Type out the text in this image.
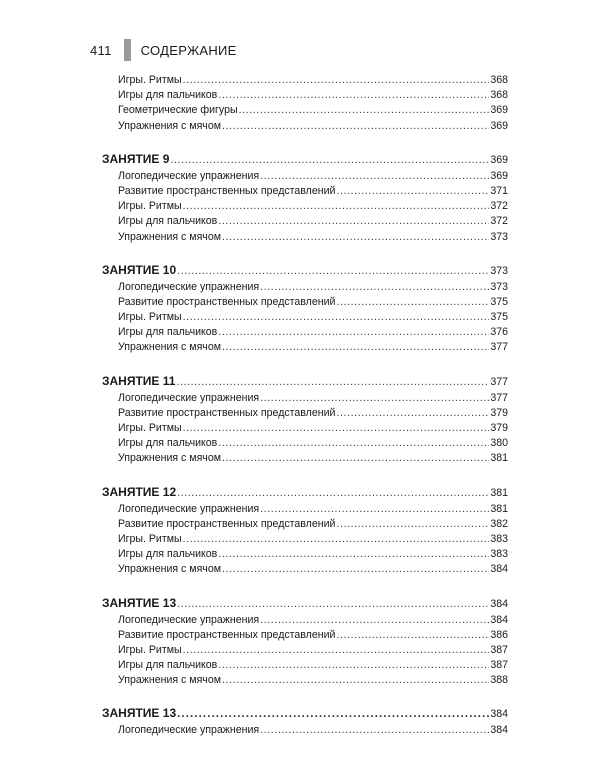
411 СОДЕРЖАНИЕ
Игры. Ритмы .....	368
Игры для пальчиков .....	368
Геометрические фигуры .....	369
Упражнения с мячом .....	369
ЗАНЯТИЕ 9 .....	369
Логопедические упражнения .....	369
Развитие пространственных представлений .....	371
Игры. Ритмы .....	372
Игры для пальчиков .....	372
Упражнения с мячом .....	373
ЗАНЯТИЕ 10 .....	373
Логопедические упражнения .....	373
Развитие пространственных представлений .....	375
Игры. Ритмы .....	375
Игры для пальчиков .....	376
Упражнения с мячом .....	377
ЗАНЯТИЕ 11 .....	377
Логопедические упражнения .....	377
Развитие пространственных представлений .....	379
Игры. Ритмы .....	379
Игры для пальчиков .....	380
Упражнения с мячом .....	381
ЗАНЯТИЕ 12 .....	381
Логопедические упражнения .....	381
Развитие пространственных представлений .....	382
Игры. Ритмы .....	383
Игры для пальчиков .....	383
Упражнения с мячом .....	384
ЗАНЯТИЕ 13 .....	384
Логопедические упражнения .....	384
Развитие пространственных представлений .....	386
Игры. Ритмы .....	387
Игры для пальчиков .....	387
Упражнения с мячом .....	388
ЗАНЯТИЕ 13 .....	384
Логопедические упражнения .....	384
